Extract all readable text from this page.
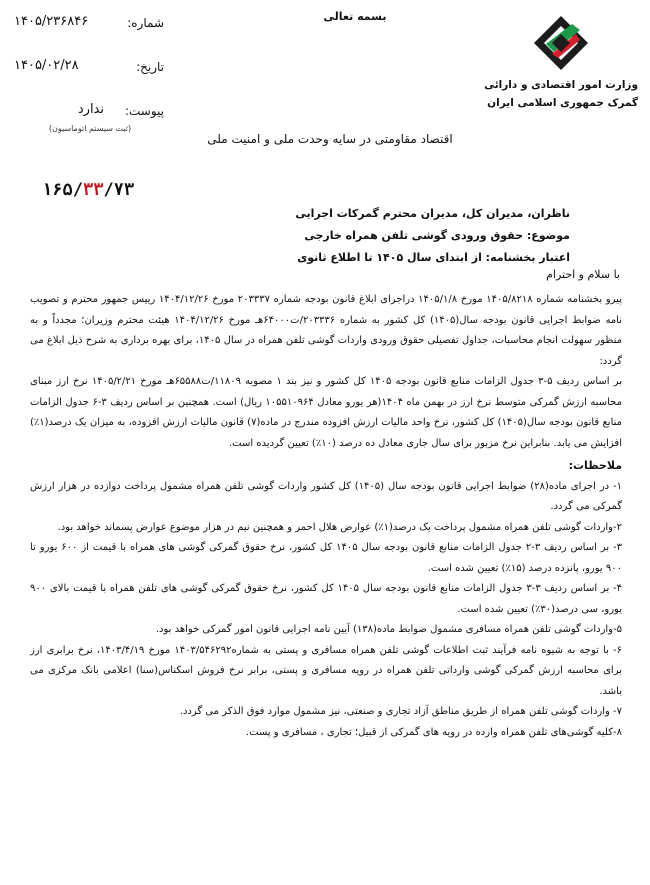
بسمه تعالی
وزارت امور اقتصادی و دارائی
گمرک جمهوری اسلامی ایران
شماره:
۱۴۰۵/۲۳۶۸۴۶
تاریخ:
۱۴۰۵/۰۲/۲۸
پیوست:
ندارد
(ثبت سیستم اتوماسیون)
اقتصاد مقاومتی در سایه وحدت ملی و امنیت ملی
۱۶۵/۳۳/۷۳
ناظران، مدیران کل، مدیران محترم گمرکات اجرایی
موضوع: حقوق ورودی گوشی تلفن همراه خارجی
اعتبار بخشنامه: از ابتدای سال ۱۴۰۵ تا اطلاع ثانوی
با سلام و احترام

پیرو بخشنامه شماره ۱۴۰۵/۸۲۱۸ مورخ ۱۴۰۵/۱/۸ دراجرای ابلاغ قانون بودجه شماره ۲۰۳۳۳۷ مورخ ۱۴۰۴/۱۲/۲۶ رییس جمهور محترم و تصویب نامه ضوابط اجرایی قانون بودجه سال(۱۴۰۵) کل کشور به شماره ۲۰۳۳۳۶/ت۶۴۰۰۰هـ مورخ ۱۴۰۴/۱۲/۲۶ هیئت محترم وزیران؛ مجدداً و به منظور سهولت انجام محاسبات، جداول تفصیلی حقوق ورودی واردات گوشی تلفن همراه در سال ۱۴۰۵، برای بهره برداری به شرح ذیل ابلاغ می گردد:

بر اساس ردیف ۵-۳ جدول الزامات منابع قانون بودجه ۱۴۰۵ کل کشور و نیز بند ۱ مصوبه ۱۱۸۰۹/ت۶۵۵۸۸هـ مورخ ۱۴۰۵/۲/۲۱ نرخ ارز مبنای محاسبه ارزش گمرکی متوسط نرخ ارز در بهمن ماه ۱۴۰۴(هر یورو معادل ۱۰۵۵۱۰۹۶۴ ریال) است. همچنین بر اساس ردیف ۳-۶ جدول الزامات منابع قانون بودجه سال(۱۴۰۵) کل کشور، نرخ واحد مالیات ارزش افزوده مندرج در ماده(۷) قانون مالیات ارزش افزوده، به میزان یک درصد(۱٪) افزایش می یابد. بنابراین نرخ مزبور برای سال جاری معادل ده درصد (۱۰٪) تعیین گردیده است.

ملاحظات:

۱- در اجرای ماده(۲۸) ضوابط اجرایی قانون بودجه سال (۱۴۰۵) کل کشور واردات گوشی تلفن همراه مشمول پرداخت دوازده در هزار ارزش گمرکی می گردد.

۲-واردات گوشی تلفن همراه مشمول پرداخت یک درصد(۱٪) عوارض هلال احمر و همچنین نیم در هزار موضوع عوارض پسماند خواهد بود.

۳- بر اساس ردیف ۳-۲ جدول الزامات منابع قانون بودجه سال ۱۴۰۵ کل کشور، نرخ حقوق گمرکی گوشی های همراه با قیمت از ۶۰۰ یورو تا ۹۰۰ یورو، پانزده درصد (۱۵٪) تعیین شده است.

۴- بر اساس ردیف ۳-۳ جدول الزامات منابع قانون بودجه سال ۱۴۰۵ کل کشور، نرخ حقوق گمرکی گوشی های تلفن همراه با قیمت بالای ۹۰۰ یورو، سی درصد(۳۰٪) تعیین شده است.

۵-واردات گوشی تلفن همراه مسافری مشمول ضوابط ماده(۱۳۸) آیین نامه اجرایی قانون امور گمرکی خواهد بود.

۶- با توجه به شیوه نامه فرآیند ثبت اطلاعات گوشی تلفن همراه مسافری و پستی به شماره۱۴۰۳/۵۴۶۲۹۲ مورخ ۱۴۰۳/۴/۱۹، نرخ برابری ارز برای محاسبه ارزش گمرکی گوشی وارداتی تلفن همراه در رویه مسافری و پستی، برابر نرخ فروش اسکناس(سنا) اعلامی بانک مرکزی می باشد.

۷- واردات گوشی تلفن همراه از طریق مناطق آزاد تجاری و صنعتی، نیز مشمول موارد فوق الذکر می گردد.

۸-کلیه گوشی‌های تلفن همراه وارده در رویه های گمرکی از قبیل؛ تجاری ، مسافری و پست.
